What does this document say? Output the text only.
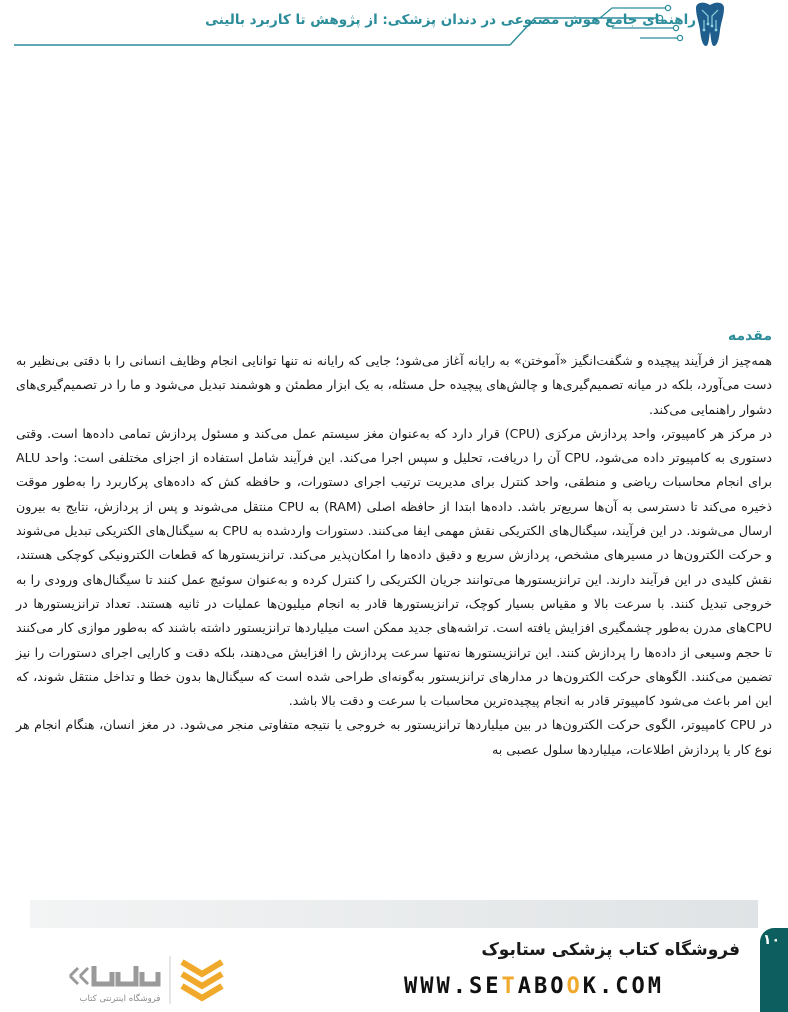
راهنمای جامع هوش مصنوعی در دندان پزشکی: از پژوهش تا کاربرد بالینی
مقدمه

همه‌چیز از فرآیند پیچیده و شگفت‌انگیز «آموختن» به رایانه آغاز می‌شود؛ جایی که رایانه نه تنها توانایی انجام وظایف انسانی را با دقتی بی‌نظیر به دست می‌آورد، بلکه در میانه تصمیم‌گیری‌ها و چالش‌های پیچیده حل مسئله، به یک ابزار مطمئن و هوشمند تبدیل می‌شود و ما را در تصمیم‌گیری‌های دشوار راهنمایی می‌کند.

در مرکز هر کامپیوتر، واحد پردازش مرکزی (CPU) قرار دارد که به‌عنوان مغز سیستم عمل می‌کند و مسئول پردازش تمامی داده‌ها است. وقتی دستوری به کامپیوتر داده می‌شود، CPU آن را دریافت، تحلیل و سپس اجرا می‌کند. این فرآیند شامل استفاده از اجزای مختلفی است: واحد ALU برای انجام محاسبات ریاضی و منطقی، واحد کنترل برای مدیریت ترتیب اجرای دستورات، و حافظه کش که داده‌های پرکاربرد را به‌طور موقت ذخیره می‌کند تا دسترسی به آن‌ها سریع‌تر باشد. داده‌ها ابتدا از حافظه اصلی (RAM) به CPU منتقل می‌شوند و پس از پردازش، نتایج به بیرون ارسال می‌شوند. در این فرآیند، سیگنال‌های الکتریکی نقش مهمی ایفا می‌کنند. دستورات واردشده به CPU به سیگنال‌های الکتریکی تبدیل می‌شوند و حرکت الکترون‌ها در مسیرهای مشخص، پردازش سریع و دقیق داده‌ها را امکان‌پذیر می‌کند. ترانزیستورها که قطعات الکترونیکی کوچکی هستند، نقش کلیدی در این فرآیند دارند. این ترانزیستورها می‌توانند جریان الکتریکی را کنترل کرده و به‌عنوان سوئیچ عمل کنند تا سیگنال‌های ورودی را به خروجی تبدیل کنند. با سرعت بالا و مقیاس بسیار کوچک، ترانزیستورها قادر به انجام میلیون‌ها عملیات در ثانیه هستند. تعداد ترانزیستورها در CPUهای مدرن به‌طور چشمگیری افزایش یافته است. تراشه‌های جدید ممکن است میلیاردها ترانزیستور داشته باشند که به‌طور موازی کار می‌کنند تا حجم وسیعی از داده‌ها را پردازش کنند. این ترانزیستورها نه‌تنها سرعت پردازش را افزایش می‌دهند، بلکه دقت و کارایی اجرای دستورات را نیز تضمین می‌کنند. الگوهای حرکت الکترون‌ها در مدارهای ترانزیستور به‌گونه‌ای طراحی شده است که سیگنال‌ها بدون خطا و تداخل منتقل شوند، که این امر باعث می‌شود کامپیوتر قادر به انجام پیچیده‌ترین محاسبات با سرعت و دقت بالا باشد.

در CPU کامپیوتر، الگوی حرکت الکترون‌ها در بین میلیاردها ترانزیستور به خروجی یا نتیجه متفاوتی منجر می‌شود. در مغز انسان، هنگام انجام هر نوع کار یا پردازش اطلاعات، میلیاردها سلول عصبی به

۱۰
فروشگاه کتاب پزشکی ستابوک
WWW.SETABOOK.COM
فروشگاه اینترنتی کتاب
